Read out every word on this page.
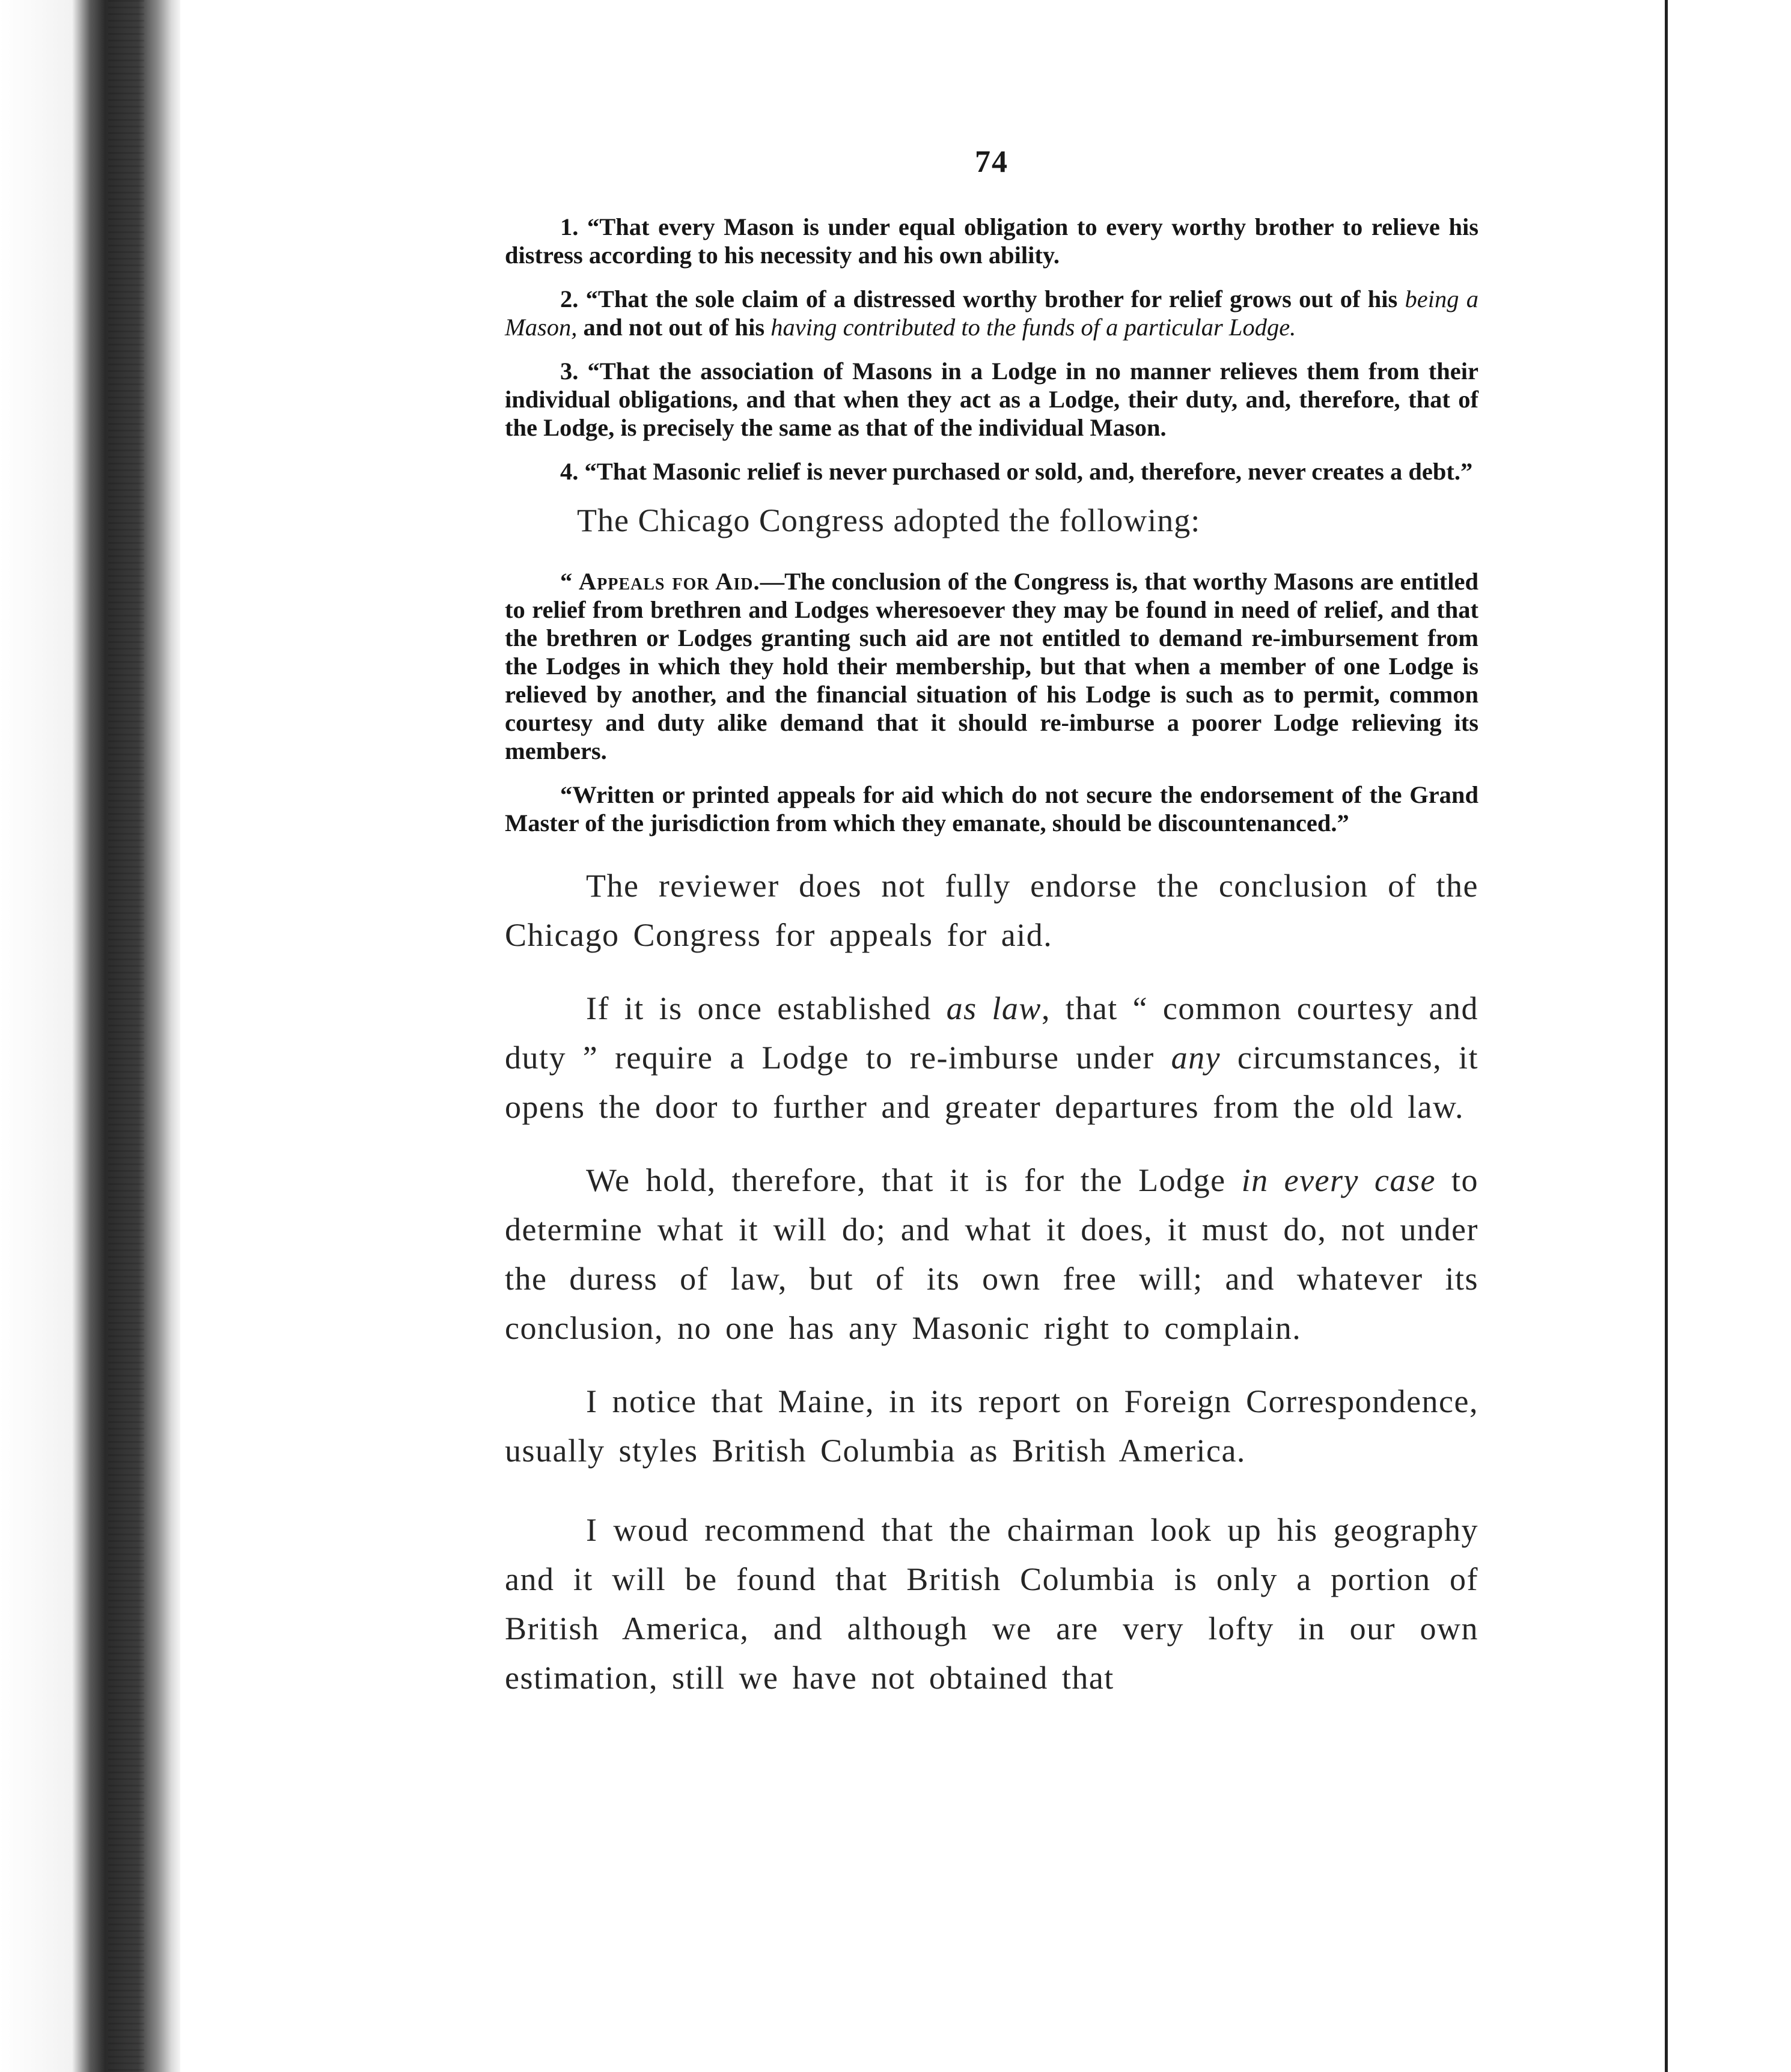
74

1. “That every Mason is under equal obligation to every worthy brother to relieve his distress according to his necessity and his own ability.

2. “That the sole claim of a distressed worthy brother for relief grows out of his being a Mason, and not out of his having contributed to the funds of a particular Lodge.

3. “That the association of Masons in a Lodge in no manner relieves them from their individual obligations, and that when they act as a Lodge, their duty, and, therefore, that of the Lodge, is precisely the same as that of the individual Mason.

4. “That Masonic relief is never purchased or sold, and, therefore, never creates a debt.”

The Chicago Congress adopted the following:

“ Appeals for Aid.—The conclusion of the Congress is, that worthy Masons are entitled to relief from brethren and Lodges wheresoever they may be found in need of relief, and that the brethren or Lodges granting such aid are not entitled to demand re-imbursement from the Lodges in which they hold their membership, but that when a member of one Lodge is relieved by another, and the financial situation of his Lodge is such as to permit, common courtesy and duty alike demand that it should re-imburse a poorer Lodge relieving its members.

“Written or printed appeals for aid which do not secure the endorsement of the Grand Master of the jurisdiction from which they emanate, should be discountenanced.”

The reviewer does not fully endorse the conclusion of the Chicago Congress for appeals for aid.

If it is once established as law, that “ common courtesy and duty ” require a Lodge to re-imburse under any circumstances, it opens the door to further and greater departures from the old law.

We hold, therefore, that it is for the Lodge in every case to determine what it will do; and what it does, it must do, not under the duress of law, but of its own free will; and whatever its conclusion, no one has any Masonic right to complain.

I notice that Maine, in its report on Foreign Correspondence, usually styles British Columbia as British America.

I woud recommend that the chairman look up his geography and it will be found that British Columbia is only a portion of British America, and although we are very lofty in our own estimation, still we have not obtained that
